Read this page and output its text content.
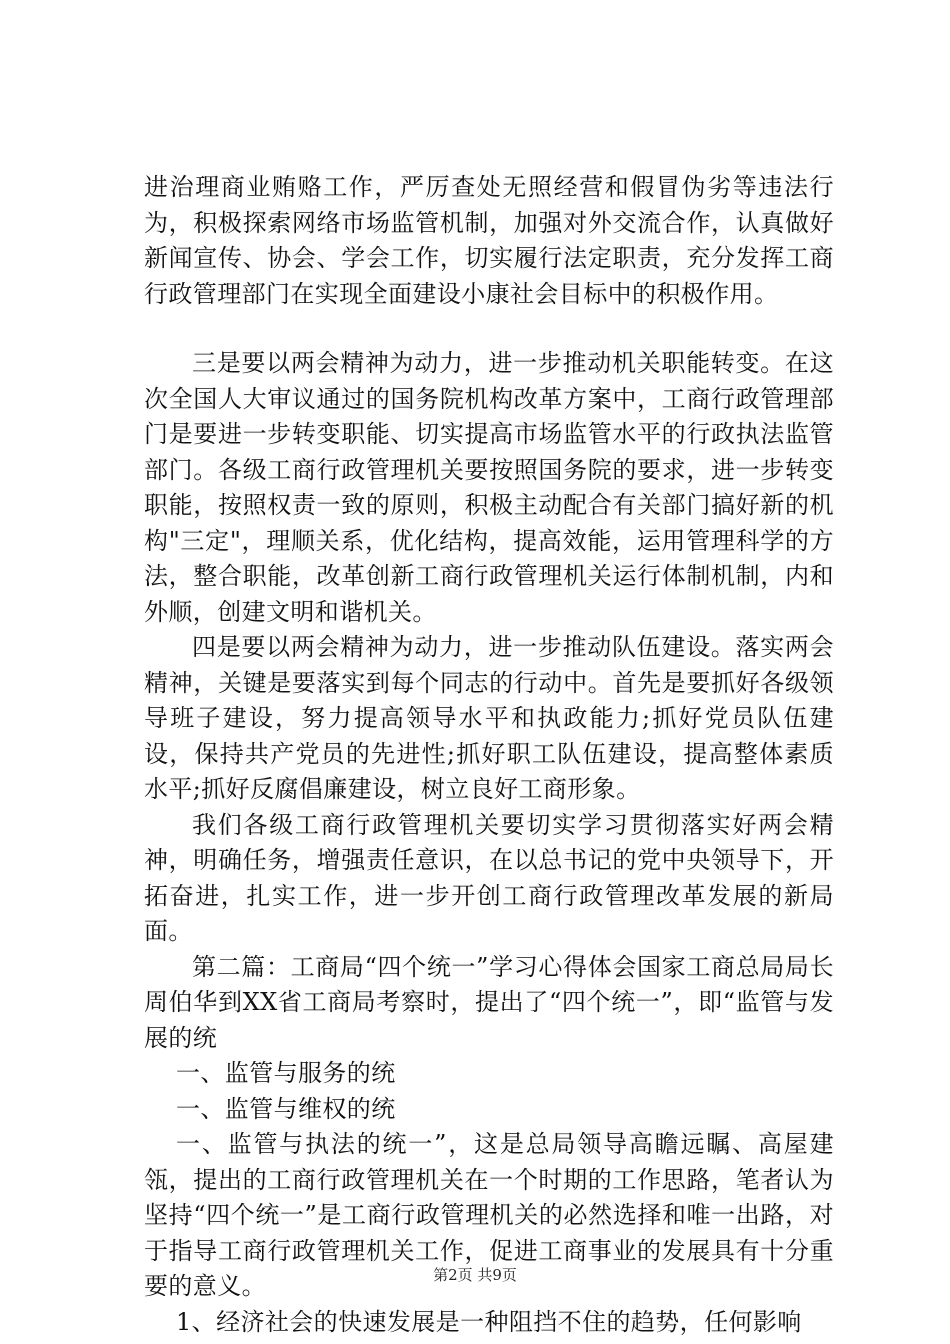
进治理商业贿赂工作，严厉查处无照经营和假冒伪劣等违法行为，积极探索网络市场监管机制，加强对外交流合作，认真做好新闻宣传、协会、学会工作，切实履行法定职责，充分发挥工商行政管理部门在实现全面建设小康社会目标中的积极作用。

三是要以两会精神为动力，进一步推动机关职能转变。在这次全国人大审议通过的国务院机构改革方案中，工商行政管理部门是要进一步转变职能、切实提高市场监管水平的行政执法监管部门。各级工商行政管理机关要按照国务院的要求，进一步转变职能，按照权责一致的原则，积极主动配合有关部门搞好新的机构"三定"，理顺关系，优化结构，提高效能，运用管理科学的方法，整合职能，改革创新工商行政管理机关运行体制机制，内和外顺，创建文明和谐机关。

四是要以两会精神为动力，进一步推动队伍建设。落实两会精神，关键是要落实到每个同志的行动中。首先是要抓好各级领导班子建设，努力提高领导水平和执政能力;抓好党员队伍建设，保持共产党员的先进性;抓好职工队伍建设，提高整体素质水平;抓好反腐倡廉建设，树立良好工商形象。

我们各级工商行政管理机关要切实学习贯彻落实好两会精神，明确任务，增强责任意识，在以总书记的党中央领导下，开拓奋进，扎实工作，进一步开创工商行政管理改革发展的新局面。

第二篇：工商局“四个统一”学习心得体会国家工商总局局长周伯华到XX省工商局考察时，提出了“四个统一”，即“监管与发展的统

一、监管与服务的统

一、监管与维权的统

一、监管与执法的统一”，这是总局领导高瞻远瞩、高屋建瓴，提出的工商行政管理机关在一个时期的工作思路，笔者认为坚持“四个统一”是工商行政管理机关的必然选择和唯一出路，对于指导工商行政管理机关工作，促进工商事业的发展具有十分重要的意义。

1、经济社会的快速发展是一种阻挡不住的趋势，任何影响

第2页 共9页
